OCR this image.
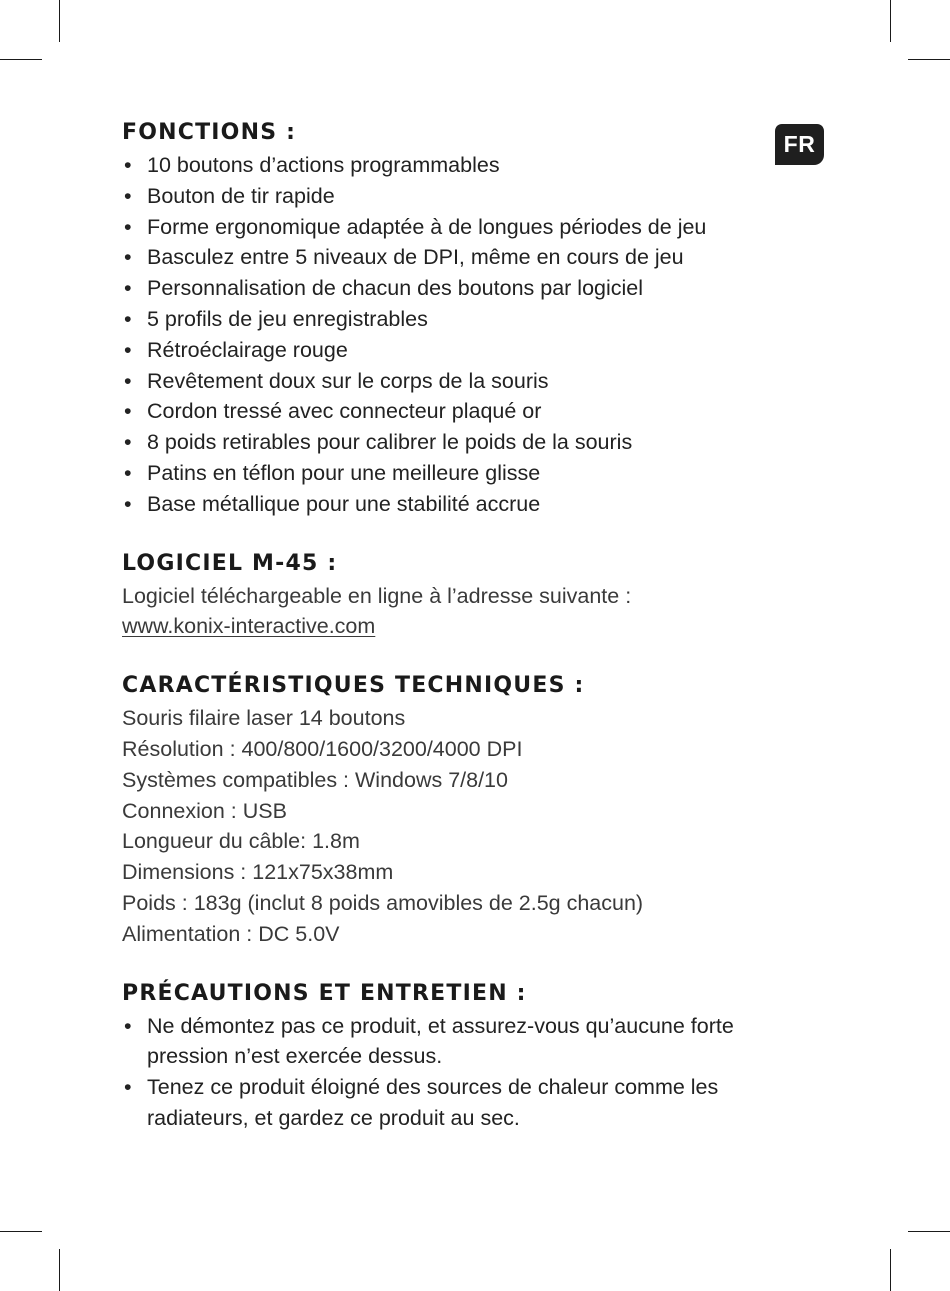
FR
FONCTIONS :
• 10 boutons d’actions programmables
• Bouton de tir rapide
• Forme ergonomique adaptée à de longues périodes de jeu
• Basculez entre 5 niveaux de DPI, même en cours de jeu
• Personnalisation de chacun des boutons par logiciel
• 5 profils de jeu enregistrables
• Rétroéclairage rouge
• Revêtement doux sur le corps de la souris
• Cordon tressé avec connecteur plaqué or
• 8 poids retirables pour calibrer le poids de la souris
• Patins en téflon pour une meilleure glisse
• Base métallique pour une stabilité accrue
LOGICIEL M-45 :

Logiciel téléchargeable en ligne à l’adresse suivante :

www.konix-interactive.com
CARACTÉRISTIQUES TECHNIQUES :

Souris filaire laser 14 boutons

Résolution : 400/800/1600/3200/4000 DPI

Systèmes compatibles : Windows 7/8/10

Connexion : USB

Longueur du câble: 1.8m

Dimensions : 121x75x38mm

Poids : 183g (inclut 8 poids amovibles de 2.5g chacun)

Alimentation : DC 5.0V

PRÉCAUTIONS ET ENTRETIEN :
• Ne démontez pas ce produit, et assurez-vous qu’aucune forte pression n’est exercée dessus.
• Tenez ce produit éloigné des sources de chaleur comme les radiateurs, et gardez ce produit au sec.
